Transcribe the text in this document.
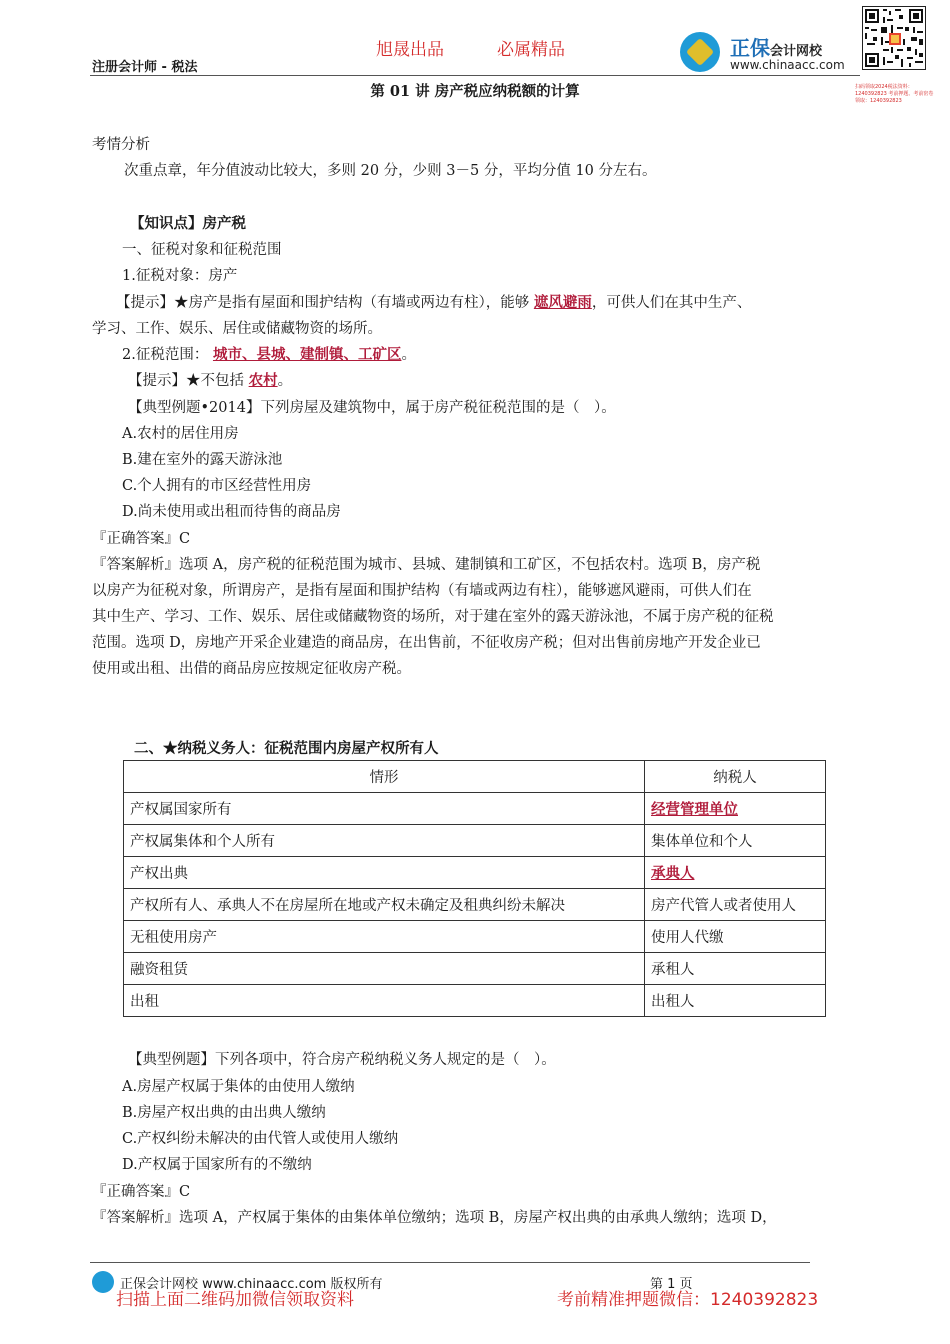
旭晟出品	必属精品
注册会计师 - 税法
正保会计网校
www.chinaacc.com
扫码领取2024税法资料：1240392823 考前押题、考前密卷领取：1240392823
第 01 讲 房产税应纳税额的计算
考情分析
次重点章，年分值波动比较大，多则 20 分，少则 3－5 分，平均分值 10 分左右。
【知识点】房产税
一、征税对象和征税范围
1.征税对象：房产
【提示】★房产是指有屋面和围护结构（有墙或两边有柱），能够 遮风避雨，可供人们在其中生产、
学习、工作、娱乐、居住或储藏物资的场所。
2.征税范围： 城市、县城、建制镇、工矿区。
【提示】★不包括 农村。
【典型例题•2014】下列房屋及建筑物中，属于房产税征税范围的是（　）。
A.农村的居住用房
B.建在室外的露天游泳池
C.个人拥有的市区经营性用房
D.尚未使用或出租而待售的商品房
『正确答案』C
『答案解析』选项 A，房产税的征税范围为城市、县城、建制镇和工矿区，不包括农村。选项 B，房产税
以房产为征税对象，所谓房产，是指有屋面和围护结构（有墙或两边有柱），能够遮风避雨，可供人们在
其中生产、学习、工作、娱乐、居住或储藏物资的场所，对于建在室外的露天游泳池，不属于房产税的征税
范围。选项 D，房地产开采企业建造的商品房，在出售前，不征收房产税；但对出售前房地产开发企业已
使用或出租、出借的商品房应按规定征收房产税。
二、★纳税义务人：征税范围内房屋产权所有人
情形	纳税人
产权属国家所有	经营管理单位
产权属集体和个人所有	集体单位和个人
产权出典	承典人
产权所有人、承典人不在房屋所在地或产权未确定及租典纠纷未解决	房产代管人或者使用人
无租使用房产	使用人代缴
融资租赁	承租人
出租	出租人
【典型例题】下列各项中，符合房产税纳税义务人规定的是（　）。
A.房屋产权属于集体的由使用人缴纳
B.房屋产权出典的由出典人缴纳
C.产权纠纷未解决的由代管人或使用人缴纳
D.产权属于国家所有的不缴纳
『正确答案』C
『答案解析』选项 A，产权属于集体的由集体单位缴纳；选项 B，房屋产权出典的由承典人缴纳；选项 D，
正保会计网校 www.chinaacc.com 版权所有	第 1 页
扫描上面二维码加微信领取资料	考前精准押题微信：1240392823
